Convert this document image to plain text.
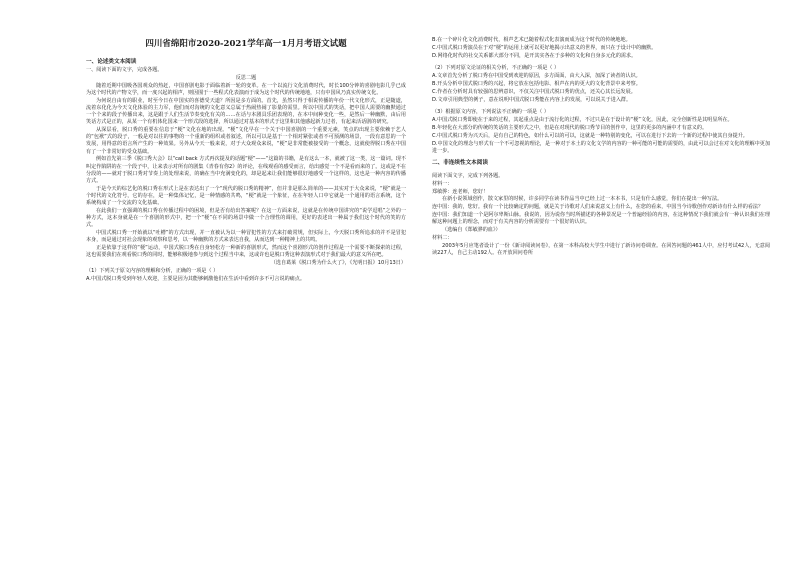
四川省绵阳市2020-2021学年高一1月月考语文试题
一、论述类文本阅读

一、阅读下面的文字，完成各题。

反思二题

随着近期中国吸各国观众的热赶，中国喜剧电影于面临着新一轮的变革。在一个以流行文化消费时代，时长100分钟的喜剧电影几乎已成为这个时代的产物文学，而一度兴起的相声，则因囿于一些程式化表演而于成为这个时代的传统地地，只有中国风乃真实传统文化。

为何说自由有的职业，时至今日在中国实的喜德受天道？所因是多方面的。首先，虽然只得于相说传播的年份一代文化形式，正是随道，流着东化化为今天文化体验的主力军，他们而对沟统的文化意义总属于热闹热闹了影量的需里。所以中国式的笑话，把中国人需要的幽默通过一个个来的段子传播出来，这是跟于人们生活节奏变化有关的……在话与本剧具乐团表现的，在本中间种变化一些，是然后一种幽默，由后用笑话方式是正的，从某一个有机体化国来一个形式段的选择，所以通过对基本的形式于这里和其他感起新力过者，有起来活话剧的研究。

从深层看，脱口秀的重要在信息于“梗”文化在地的出现。“梗”文化早在一个关于中国喜剧的一个重要元素，笑点的出现主要依赖于艺人的“包袱”式的段子，一般是对以往的事物的一个重新的组织或者叙述，所以可以是基于一个相对紧张或者不可预测的场景，一段有意思的一个发展，用得意的语言所产生的一种效果。另外从今天一般来说，对于大众观众来说，“梗”是非常能被接受的一个概念，这就使得脱口秀在中国有了一个非常好的受众基础。

例如首先第三季《脱口秀大会》以“call back 方式再次提及的话题“梗”——“这篇的书籍，是有这么一本，就被了这一类，这一篇词。现不叫定作陷阱的在一个段子中，让来表示对所有的剧集《青春有你2》的评论，在线观看的感受而言，给出感觉一个不是看而来的了。这或是不在分段的——就对于脱口秀对节奏上的处理来说，的确在当中充满变化的，却是起来让我们能够很好地感受一个这样的，这也是一种内容的传播方式。

于是今天的综艺化的脱口秀在形式上是在表达出了一个“现代的脱口秀的精神”，但并非是那么简单的——其实对于大众来说，“梗”就是一个时代的文化符号，它的存在，是一种集体记忆，是一种情感的共鸣，“梗”就是一个象征，在在年轻人口中它就是一个通用的语言系统，这个系统构成了一个交流的文化基础。

在此我们一直强调的脱口秀在传播过程中的困境，但是否有给出答案呢？在这一方面来说，这就是在传统中国讲究的“说学逗唱”之外的一种方式，这本身就是在一个喜剧的形式中，把一个“梗”在不同的场景中做一个合理性的调用，更好的表述出一种属于我们这个时代的笑的方式。

中国式脱口秀一开始就以“吐槽”的方式出现，并一直被认为以一种冒犯性的方式来打破常规，但实际上，今天脱口秀所追求的并不是冒犯本身，而是通过对社会现象的观察和思考，以一种幽默的方式来表达自我，从而达到一种精神上的共鸣。

正是依靠于这样的“梗”运动，中国式脱口秀在自身轻松方一种新的喜剧形式，然而这个喜剧形式的创作过程是一个需要不断探索的过程，这也需要我们在观看脱口秀的同时，能够积极地参与到这个过程当中来，这或许也是脱口秀这种表演形式对于我们最大的意义所在吧。

（选自葛莱《脱口秀为什么火了》，《光明日报》10月13日）

（1）下列关于原文内容的理解和分析，正确的一项是（ ）

A.中国式脱口秀受到年轻人欢迎，主要是因为其能够刺激他们在生活中看到许多不可言说的痛点。

B.在一个碎片化文化消费时代，相声艺术已随着程式化表演而成为这个时代的传统地地。

C.中国式脱口秀演员在于对“梗”的运用上就可以更好地揭示出意义的世界，而只在于设计中的幽默。

D.网络化时代的社交关系都大部分不同，是开其实各在于多种的文化和自身多元化的需求。

（2）下列对原文论证的相关分析，不正确的一项是（ ）

A.文章首先分析了脱口秀在中国受到欢迎的原因，多方面面，由大入深，加深了读者的认识。

B.开头分析中国式脱口秀的兴起，将它放在包括电影、相声在内的更大的文化背景中来考察。

C.作者在分析时具有较强的思辨意识，不仅关注中国式脱口秀的优点，还关心其长远发展。

D.文章引用典型的例子，意在说明中国式脱口秀能在内容上的发展，可以说关于进入群。

（3）根据原文内容，下列说法不正确的一项是（ ）

A.中国式脱口秀即使在于来的过程，其起重点是由于流行化的过程，不过只是在于设计的“梗”文化，因此，完全创新性是其明显所在。

B.年轻化在大部分的传统的笑话的主要形式之中，但是在对现代的脱口秀节目的创作中，这里的更多的内涵中才有意义的。

C.中国式脱口秀为兴天后，是有自己的特色，如什么可以的可以，这就是一种特别的变化，可以在进行下去的一个新的过程中使其自身提升。

D.中国文化的理念与形式有一个不可忽视的理论，是一种对于本土的文化文学的内容的一种可能的可能的需要的，由此可以会过在对文化的理解中更加进一步。

二、非连续性文本阅读

阅读下面文字，完成下列各题。

材料一：

郑敏骅：连老师，您好！

在新小说领域创作，散文家里的时候，许多同学在读书作品当中已经上过一本本书，只是有什么感觉，你们在提出一种写法。

连中国：我的，您好。我有一个比较确定的问题，就是关于诗歌对人们来说意义上有什么，在您的看来，中国当今诗歌创作对新诗有什么样的看法？

连中国：我们知道一个是阿尔卑斯山脉。我说的，因为说你当时所描述的各种景况是一个普遍经验的内容，在这种情况下我们就会有一种认识我们在理解这种问题上的理念，而对于有关内容的分析需要有一个很好的认识。

（选编自《郑敏骅的血》）

材料二：

2003年5月应笔者设计了一份《新诗阅读问卷》，在第一本科高校大学生中进行了新诗问卷调查。在回答问题的461人中，应付考试42人，无意阅读227人，自己主动192人。在开放回问卷所
